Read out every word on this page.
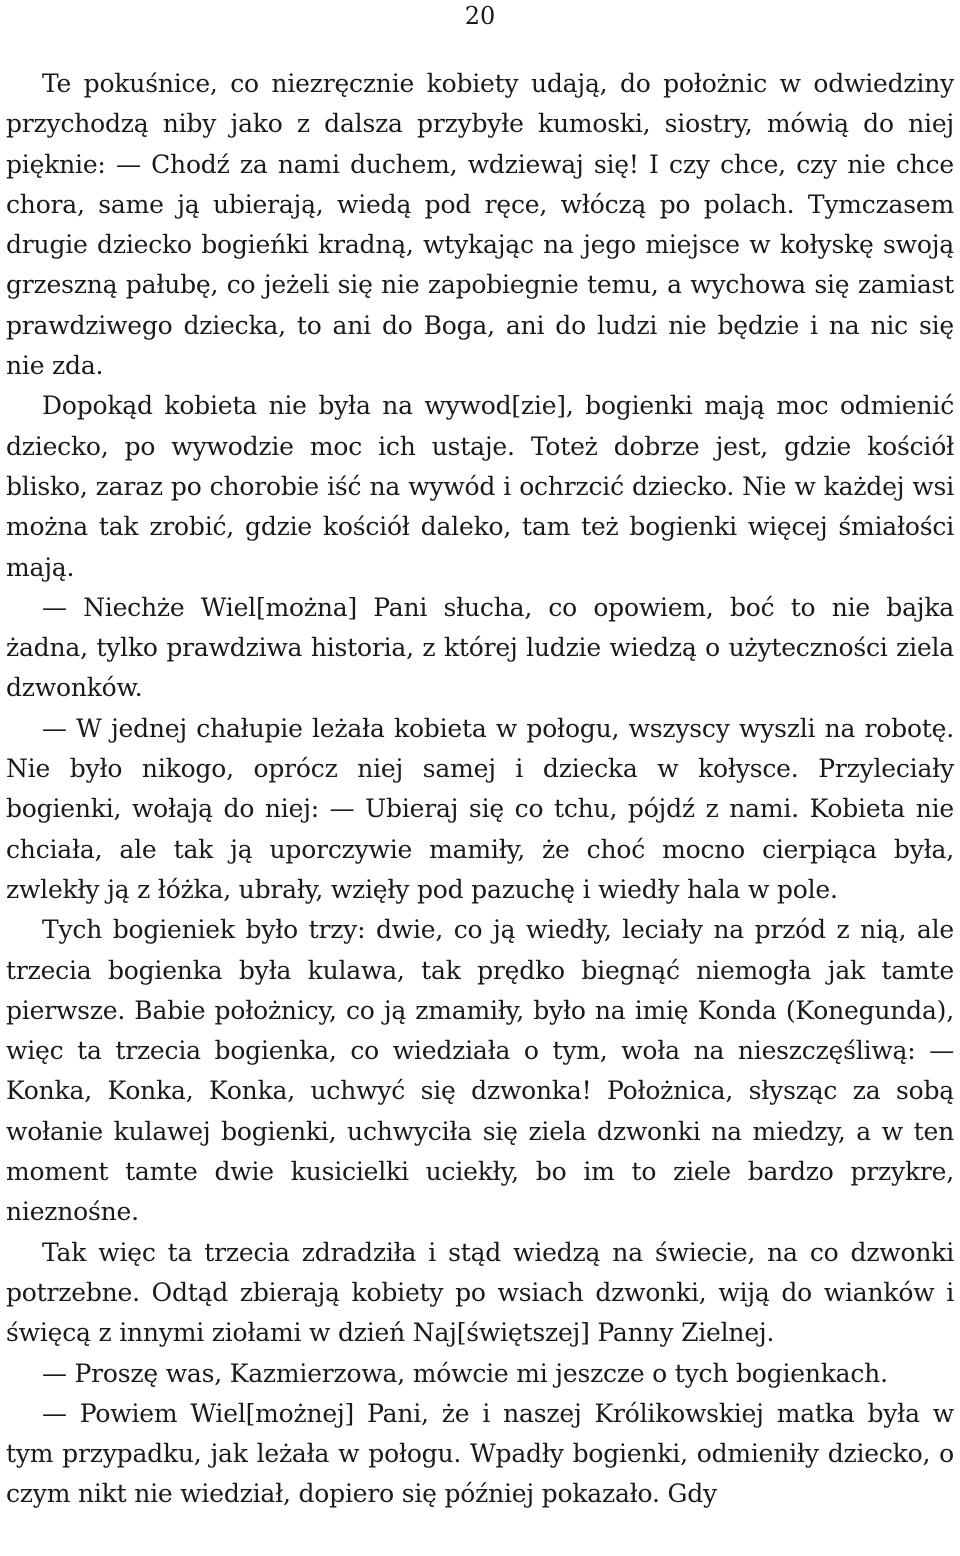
20

Te pokuśnice, co niezręcznie kobiety udają, do położnic w odwiedziny przychodzą niby jako z dalsza przybyłe kumoski, siostry, mówią do niej pięknie: — Chodź za nami duchem, wdziewaj się! I czy chce, czy nie chce chora, same ją ubierają, wiedą pod ręce, włóczą po polach. Tymczasem drugie dziecko bogieńki kradną, wtykając na jego miejsce w kołyskę swoją grzeszną pałubę, co jeżeli się nie zapobiegnie temu, a wychowa się zamiast prawdziwego dziecka, to ani do Boga, ani do ludzi nie będzie i na nic się nie zda.

Dopokąd kobieta nie była na wywod[zie], bogienki mają moc odmienić dziecko, po wywodzie moc ich ustaje. Toteż dobrze jest, gdzie kościół blisko, zaraz po chorobie iść na wywód i ochrzcić dziecko. Nie w każdej wsi można tak zrobić, gdzie kościół daleko, tam też bogienki więcej śmiałości mają.

— Niechże Wiel[można] Pani słucha, co opowiem, boć to nie bajka żadna, tylko prawdziwa historia, z której ludzie wiedzą o użyteczności ziela dzwonków.

— W jednej chałupie leżała kobieta w połogu, wszyscy wyszli na robotę. Nie było nikogo, oprócz niej samej i dziecka w kołysce. Przyleciały bogienki, wołają do niej: — Ubieraj się co tchu, pójdź z nami. Kobieta nie chciała, ale tak ją uporczywie mamiły, że choć mocno cierpiąca była, zwlekły ją z łóżka, ubrały, wzięły pod pazuchę i wiedły hala w pole.

Tych bogieniek było trzy: dwie, co ją wiedły, leciały na przód z nią, ale trzecia bogienka była kulawa, tak prędko biegnąć niemogła jak tamte pierwsze. Babie położnicy, co ją zmamiły, było na imię Konda (Konegunda), więc ta trzecia bogienka, co wiedziała o tym, woła na nieszczęśliwą: — Konka, Konka, Konka, uchwyć się dzwonka! Położnica, słysząc za sobą wołanie kulawej bogienki, uchwyciła się ziela dzwonki na miedzy, a w ten moment tamte dwie kusicielki uciekły, bo im to ziele bardzo przykre, nieznośne.

Tak więc ta trzecia zdradziła i stąd wiedzą na świecie, na co dzwonki potrzebne. Odtąd zbierają kobiety po wsiach dzwonki, wiją do wianków i święcą z innymi ziołami w dzień Naj[świętszej] Panny Zielnej.

— Proszę was, Kazmierzowa, mówcie mi jeszcze o tych bogienkach.

— Powiem Wiel[możnej] Pani, że i naszej Królikowskiej matka była w tym przypadku, jak leżała w połogu. Wpadły bogienki, odmieniły dziecko, o czym nikt nie wiedział, dopiero się później pokazało. Gdy
